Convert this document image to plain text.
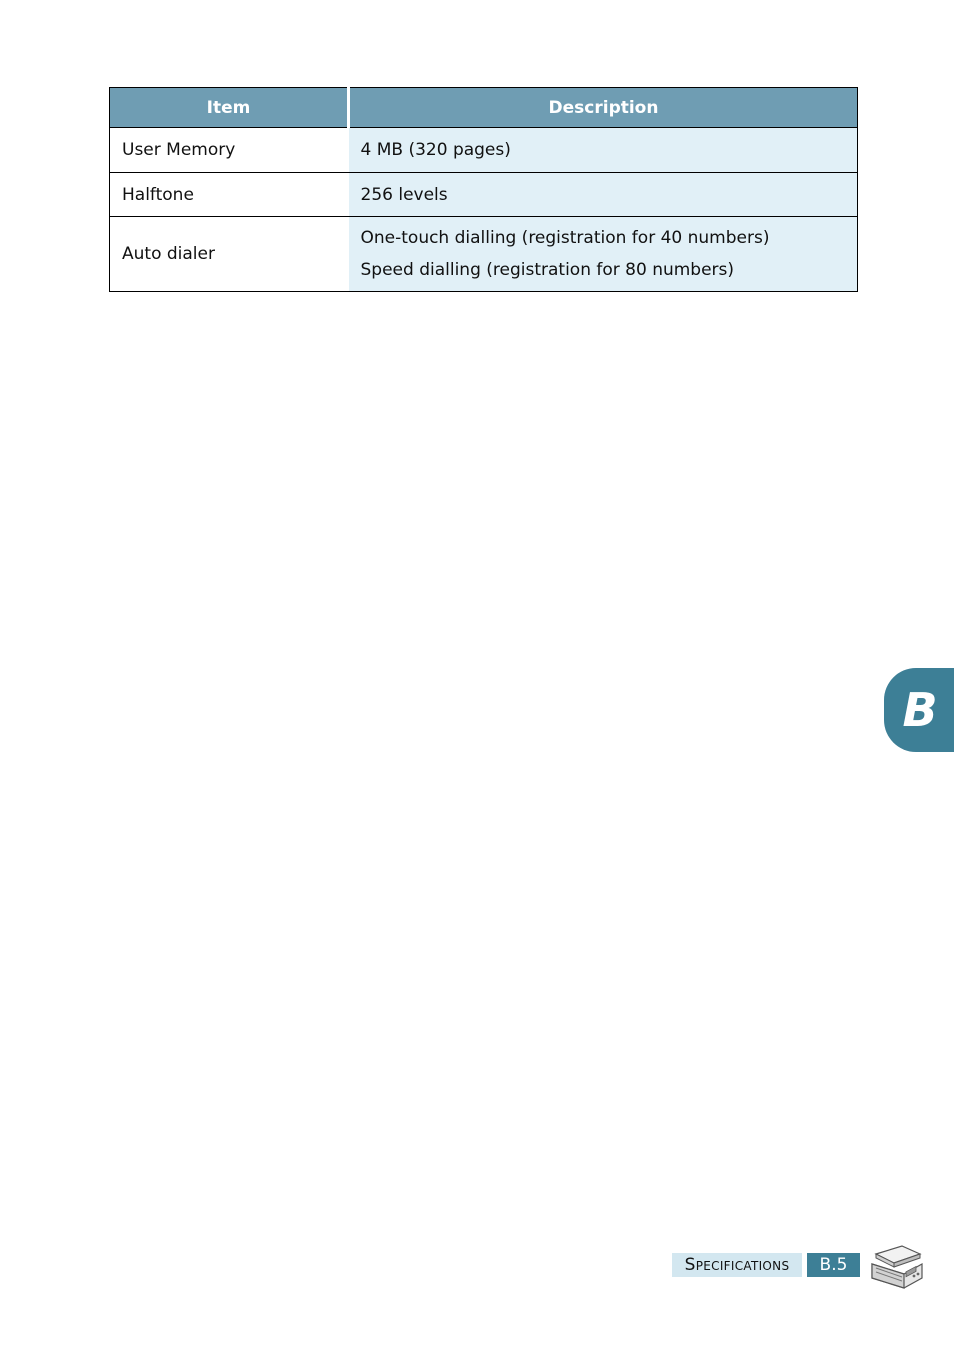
Item	Description
User Memory	4 MB (320 pages)

Halftone	256 levels

Auto dialer	One-touch dialling (registration for 40 numbers)
Speed dialling (registration for 80 numbers)
B
Specifications B.5
